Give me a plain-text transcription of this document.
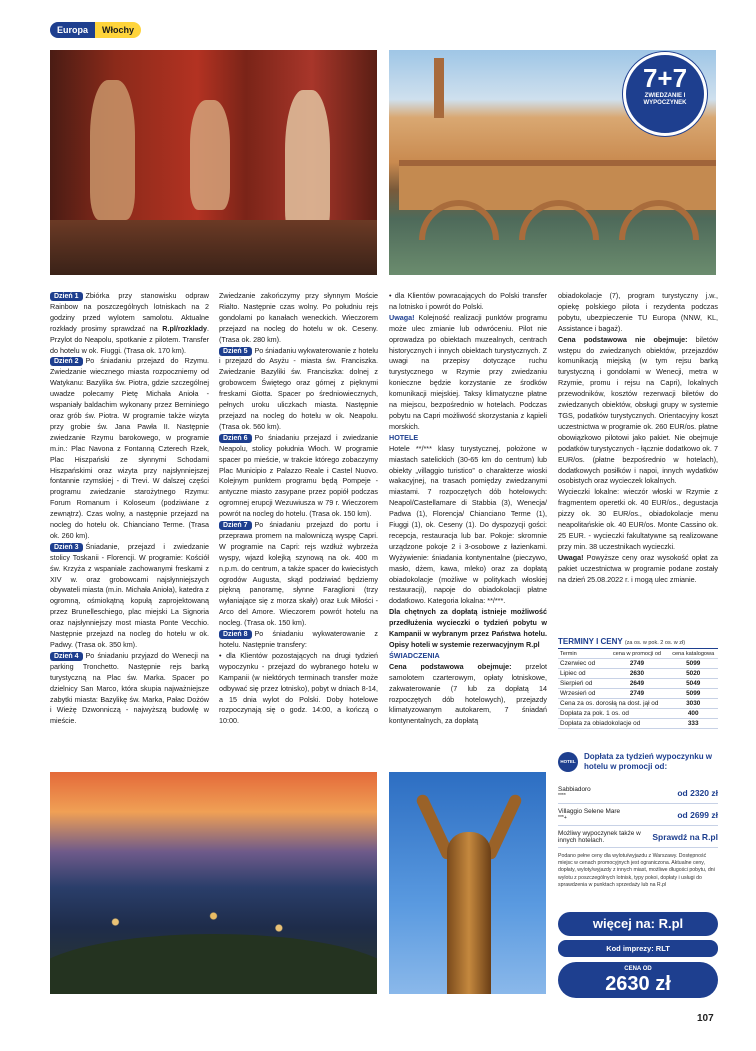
Europa	Włochy
7+7
ZWIEDZANIE I WYPOCZYNEK

Dzień 1 Zbiórka przy stanowisku odpraw Rainbow na poszczególnych lotniskach na 2 godziny przed wylotem samolotu. Aktualne rozkłady prosimy sprawdzać na R.pl/rozklady. Przylot do Neapolu, spotkanie z pilotem. Transfer do hotelu w ok. Fiuggi. (Trasa ok. 170 km).

Dzień 2 Po śniadaniu przejazd do Rzymu. Zwiedzanie wiecznego miasta rozpoczniemy od Watykanu: Bazylika św. Piotra, gdzie szczególnej uwadze polecamy Pietę Michała Anioła - wspaniały baldachim wykonany przez Berniniego oraz grób św. Piotra. W programie także wizyta przy grobie św. Jana Pawła II. Następnie zwiedzanie Rzymu barokowego, w programie m.in.: Plac Navona z Fontanną Czterech Rzek, Plac Hiszpański ze słynnymi Schodami Hiszpańskimi oraz wizyta przy najsłynniejszej fontannie rzymskiej - di Trevi. W dalszej części programu zwiedzanie starożytnego Rzymu: Forum Romanum i Koloseum (podziwiane z zewnątrz). Czas wolny, a następnie przejazd na nocleg do hotelu ok. Chianciano Terme. (Trasa ok. 260 km).

Dzień 3 Śniadanie, przejazd i zwiedzanie stolicy Toskanii - Florencji. W programie: Kościół św. Krzyża z wspaniale zachowanymi freskami z XIV w. oraz grobowcami najsłynniejszych obywateli miasta (m.in. Michała Anioła), katedra z ogromną, ośmiokątną kopułą zaprojektowaną przez Brunelleschiego, plac miejski La Signoria oraz najsłynniejszy most miasta Ponte Vecchio. Następnie przejazd na nocleg do hotelu w ok. Padwy. (Trasa ok. 350 km).

Dzień 4 Po śniadaniu przyjazd do Wenecji na parking Tronchetto. Następnie rejs barką turystyczną na Plac św. Marka. Spacer po dzielnicy San Marco, która skupia najważniejsze zabytki miasta: Bazylikę św. Marka, Pałac Dożów i Wieżę Dzwonniczą - najwyższą budowlę w mieście.

Zwiedzanie zakończymy przy słynnym Moście Rialto. Następnie czas wolny. Po południu rejs gondolami po kanałach weneckich. Wieczorem przejazd na nocleg do hotelu w ok. Ceseny. (Trasa ok. 280 km).

Dzień 5 Po śniadaniu wykwaterowanie z hotelu i przejazd do Asyżu - miasta św. Franciszka. Zwiedzanie Bazyliki św. Franciszka: dolnej z grobowcem Świętego oraz górnej z pięknymi freskami Giotta. Spacer po średniowiecznych, pełnych uroku uliczkach miasta. Następnie przejazd na nocleg do hotelu w ok. Neapolu. (Trasa ok. 560 km).

Dzień 6 Po śniadaniu przejazd i zwiedzanie Neapolu, stolicy południa Włoch. W programie spacer po mieście, w trakcie którego zobaczymy Plac Municipio z Palazzo Reale i Castel Nuovo. Kolejnym punktem programu będą Pompeje - antyczne miasto zasypane przez popiół podczas ogromnej erupcji Wezuwiusza w 79 r. Wieczorem powrót na nocleg do hotelu. (Trasa ok. 150 km).

Dzień 7 Po śniadaniu przejazd do portu i przeprawa promem na malowniczą wyspę Capri. W programie na Capri: rejs wzdłuż wybrzeża wyspy, wjazd kolejką szynową na ok. 400 m n.p.m. do centrum, a także spacer do kwiecistych ogrodów Augusta, skąd podziwiać będziemy piękną panoramę, słynne Faraglioni (trzy wyłaniające się z morza skały) oraz Łuk Miłości - Arco del Amore. Wieczorem powrót hotelu na nocleg. (Trasa ok. 150 km).

Dzień 8 Po śniadaniu wykwaterowanie z hotelu. Następnie transfery:

• dla Klientów pozostających na drugi tydzień wypoczynku - przejazd do wybranego hotelu w Kampanii (w niektórych terminach transfer może odbywać się przez lotnisko), pobyt w dniach 8-14, a 15 dnia wylot do Polski. Doby hotelowe rozpoczynają się o godz. 14:00, a kończą o 10:00.

• dla Klientów powracających do Polski transfer na lotnisko i powrót do Polski.

Uwaga! Kolejność realizacji punktów programu może ulec zmianie lub odwróceniu. Pilot nie oprowadza po obiektach muzealnych, centrach historycznych i innych obiektach turystycznych. Z uwagi na przepisy dotyczące ruchu turystycznego w Rzymie przy zwiedzaniu konieczne będzie korzystanie ze środków komunikacji miejskiej. Taksy klimatyczne płatne na miejscu, bezpośrednio w hotelach. Podczas pobytu na Capri możliwość skorzystania z kąpieli morskich.

HOTELE

Hotele **/*** klasy turystycznej, położone w miastach satelickich (30-65 km do centrum) lub obiekty „villaggio turistico” o charakterze wioski wakacyjnej, na trasach pomiędzy zwiedzanymi miastami. 7 rozpoczętych dób hotelowych: Neapol/Castellamare di Stabbia (3), Wenecja/ Padwa (1), Florencja/ Chianciano Terme (1), Fiuggi (1), ok. Ceseny (1). Do dyspozycji gości: recepcja, restauracja lub bar. Pokoje: skromnie urządzone pokoje 2 i 3-osobowe z łazienkami. Wyżywienie: śniadania kontynentalne (pieczywo, masło, dżem, kawa, mleko) oraz za dopłatą obiadokolacje (możliwe w politykach włoskiej restauracji), napoje do obiadokolacji płatne dodatkowo. Kategoria lokalna: **/***.

Dla chętnych za dopłatą istnieje możliwość przedłużenia wycieczki o tydzień pobytu w Kampanii w wybranym przez Państwa hotelu. Opisy hoteli w systemie rezerwacyjnym R.pl

ŚWIADCZENIA

Cena podstawowa obejmuje: przelot samolotem czarterowym, opłaty lotniskowe, zakwaterowanie (7 lub za dopłatą 14 rozpoczętych dób hotelowych), przejazdy klimatyzowanym autokarem, 7 śniadań kontynentalnych, za dopłatą

obiadokolacje (7), program turystyczny j.w., opiekę polskiego pilota i rezydenta podczas pobytu, ubezpieczenie TU Europa (NNW, KL, Assistance i bagaż).

Cena podstawowa nie obejmuje: biletów wstępu do zwiedzanych obiektów, przejazdów komunikacją miejską (w tym rejsu barką turystyczną i gondolami w Wenecji, metra w Rzymie, promu i rejsu na Capri), lokalnych przewodników, kosztów rezerwacji biletów do zwiedzanych obiektów, obsługi grupy w systemie TGS, podatków turystycznych. Orientacyjny koszt uczestnictwa w programie ok. 260 EUR/os. płatne obowiązkowo pilotowi jako pakiet. Nie obejmuje podatków turystycznych - łącznie dodatkowo ok. 7 EUR/os. (płatne bezpośrednio w hotelach), dodatkowych posiłków i napoi, innych wydatków osobistych oraz wycieczek lokalnych.

Wycieczki lokalne: wieczór włoski w Rzymie z fragmentem operetki ok. 40 EUR/os., degustacja pizzy ok. 30 EUR/os., obiadokolacje menu neapolitańskie ok. 40 EUR/os. Monte Cassino ok. 25 EUR. - wycieczki fakultatywne są realizowane przy min. 38 uczestnikach wycieczki.

Uwaga! Powyższe ceny oraz wysokość opłat za pakiet uczestnictwa w programie podane zostały na dzień 25.08.2022 r. i mogą ulec zmianie.

TERMINY I CENY (za os. w pok. 2 os. w zł)
Termin	cena w promocji od	cena katalogowa
Czerwiec od	2749	5099
Lipiec od	2630	5020
Sierpień od	2649	5049
Wrzesień od	2749	5099
Cena za os. dorosłą na dost. jął od		3030
Dopłata za pok. 1 os. od		400
Dopłata za obiadokolacje od		333
HOTEL PLUS
Dopłata za tydzień wypoczynku w hotelu w promocji od:
Sabbiadoro
****	od 2320 zł
Villaggio Selene Mare
***+	od 2699 zł
Możliwy wypoczynek także w innych hotelach.	Sprawdź na R.pl
Podano pełne ceny dla wylotu/wyjazdu z Warszawy. Dostępność miejsc w cenach promocyjnych jest ograniczona. Aktualne ceny, dopłaty, wyloty/wyjazdy z innych miast, możliwe długości pobytu, dni wylotu z poszczególnych lotnisk, typy pokoi, dopłaty i usługi do sprawdzenia w punktach sprzedaży lub na R.pl
więcej na: R.pl
Kod imprezy: RLT
CENA OD
2630 zł
107
